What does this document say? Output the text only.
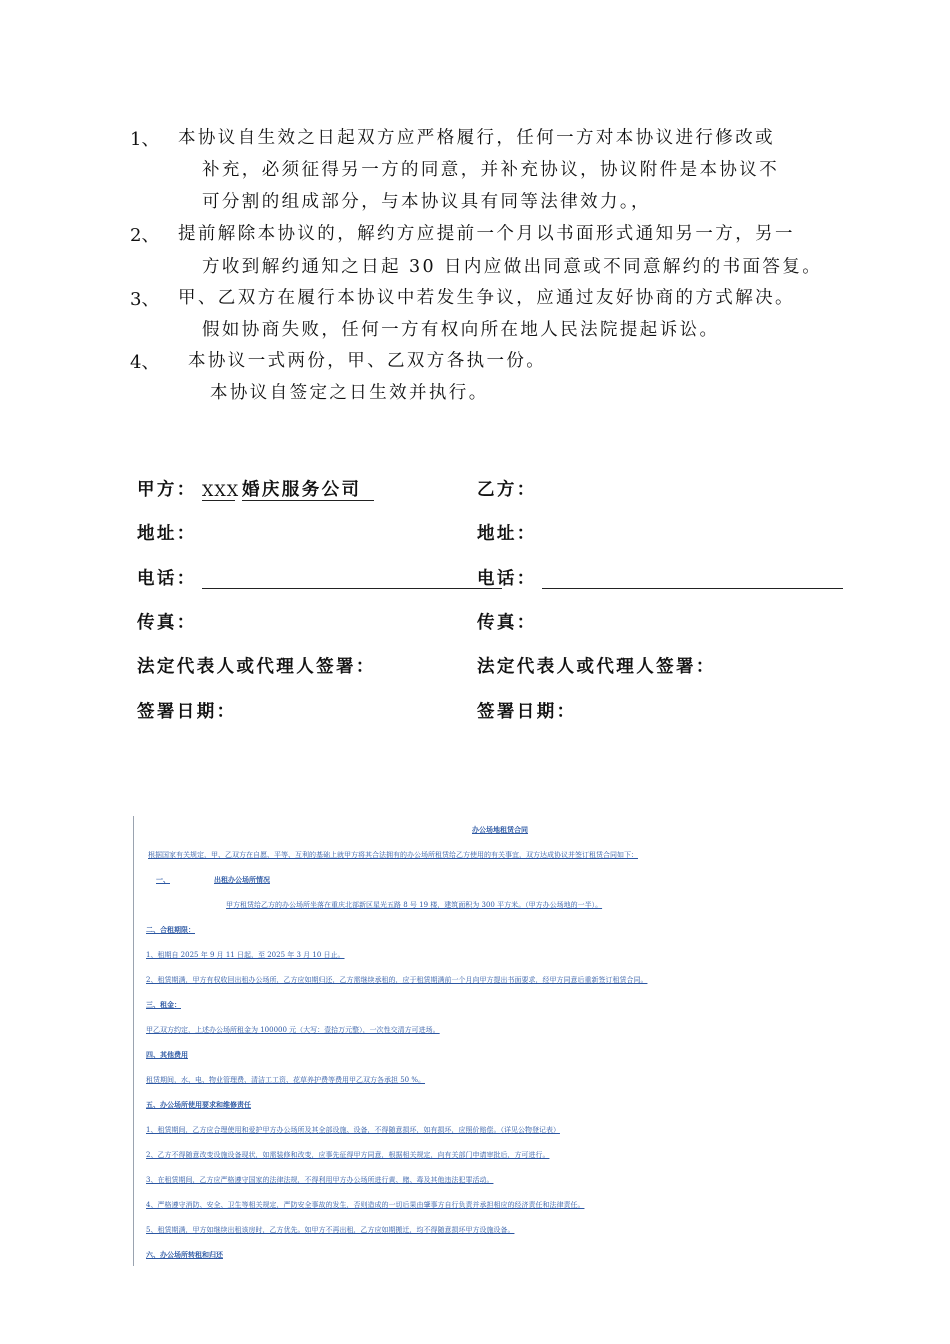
1、 本协议自生效之日起双方应严格履行，任何一方对本协议进行修改或
补充，必须征得另一方的同意，并补充协议，协议附件是本协议不
可分割的组成部分，与本协议具有同等法律效力。，
2、 提前解除本协议的，解约方应提前一个月以书面形式通知另一方，另一
方收到解约通知之日起 30 日内应做出同意或不同意解约的书面答复。
3、 甲、乙双方在履行本协议中若发生争议，应通过友好协商的方式解决。
假如协商失败，任何一方有权向所在地人民法院提起诉讼。
4、 本协议一式两份，甲、乙双方各执一份。
本协议自签定之日生效并执行。
甲方： XXX 婚庆服务公司	乙方：
地址：	地址：
电话：	电话：
传真：	传真：
法定代表人或代理人签署：	法定代表人或代理人签署：
签署日期：	签署日期：
办公场地租赁合同
根据国家有关规定，甲、乙双方在自愿、平等、互利的基础上就甲方将其合法拥有的办公场所租赁给乙方使用的有关事宜，双方达成协议并签订租赁合同如下：
一、	出租办公场所情况
甲方租赁给乙方的办公场所坐落在重庆北部新区星光五路 8 号 19 楼，建筑面积为 300 平方米。（甲方办公场地的一半）。
二、合租期限：
1、租期自 2025 年 9 月 11 日起，至 2025 年 3 月 10 日止。
2、租赁期满，甲方有权收回出租办公场所，乙方应如期归还，乙方需继续承租的，应于租赁期满前一个月向甲方提出书面要求，经甲方同意后重新签订租赁合同。
三、租金：
甲乙双方约定，上述办公场所租金为 100000 元（大写：壹拾万元整），一次性交清方可进场。
四、其他费用
租赁期间，水、电、物业管理费、清洁工工资、花草养护费等费用甲乙双方各承担 50 %。
五、办公场所使用要求和维修责任
1、租赁期间，乙方应合理使用和爱护甲方办公场所及其全部设施、设备，不得随意损坏，如有损坏，应照价赔偿。（详见公物登记表）
2、乙方不得随意改变设施设备现状，如需装修和改变，应事先征得甲方同意，根据相关规定，向有关部门申请审批后，方可进行。
3、在租赁期间，乙方应严格遵守国家的法律法规，不得利用甲方办公场所进行黄、赌、毒及其他违法犯罪活动。
4、严格遵守消防、安全、卫生等相关规定，严防安全事故的发生，否则造成的一切后果由肇事方自行负责并承担相应的经济责任和法律责任。
5、租赁期满，甲方如继续出租该房时，乙方优先。如甲方不再出租，乙方应如期搬迁，均不得随意损坏甲方设施设备。
六、办公场所转租和归还
